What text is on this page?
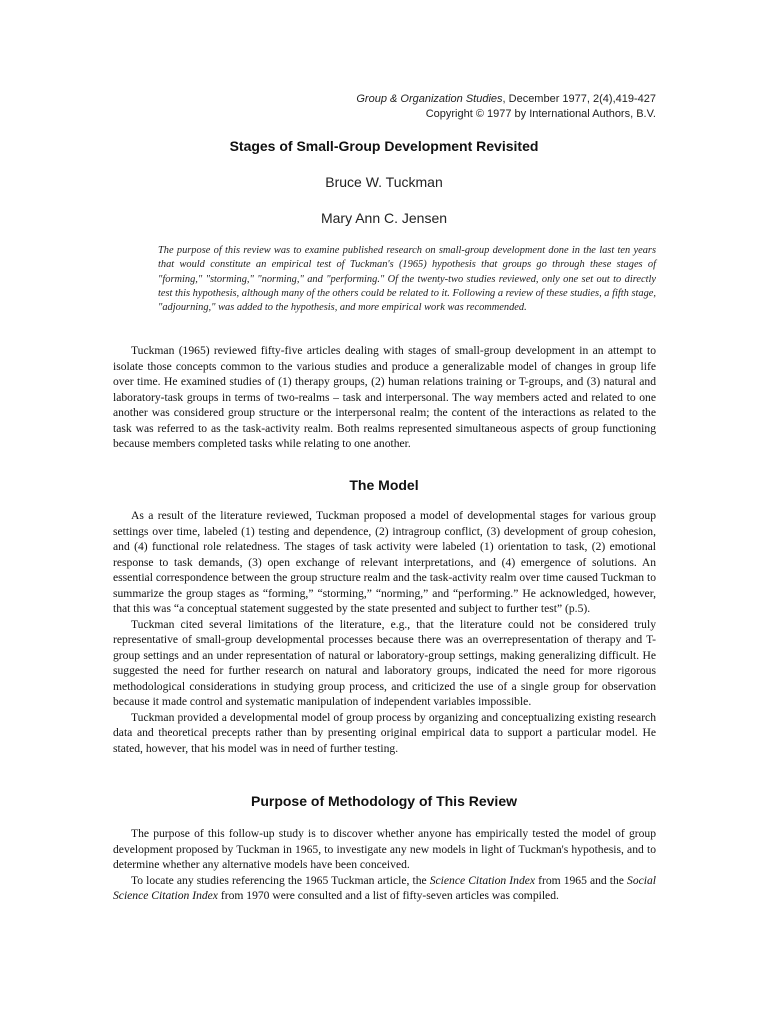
Group & Organization Studies, December 1977, 2(4),419-427
Copyright © 1977 by International Authors, B.V.
Stages of Small-Group Development Revisited
Bruce W. Tuckman
Mary Ann C. Jensen
The purpose of this review was to examine published research on small-group development done in the last ten years that would constitute an empirical test of Tuckman's (1965) hypothesis that groups go through these stages of "forming," "storming," "norming," and "performing." Of the twenty-two studies reviewed, only one set out to directly test this hypothesis, although many of the others could be related to it. Following a review of these studies, a fifth stage, "adjourning," was added to the hypothesis, and more empirical work was recommended.

Tuckman (1965) reviewed fifty-five articles dealing with stages of small-group development in an attempt to isolate those concepts common to the various studies and produce a generalizable model of changes in group life over time. He examined studies of (1) therapy groups, (2) human relations training or T-groups, and (3) natural and laboratory-task groups in terms of two-realms – task and interpersonal. The way members acted and related to one another was considered group structure or the interpersonal realm; the content of the interactions as related to the task was referred to as the task-activity realm. Both realms represented simultaneous aspects of group functioning because members completed tasks while relating to one another.

The Model

As a result of the literature reviewed, Tuckman proposed a model of developmental stages for various group settings over time, labeled (1) testing and dependence, (2) intragroup conflict, (3) development of group cohesion, and (4) functional role relatedness. The stages of task activity were labeled (1) orientation to task, (2) emotional response to task demands, (3) open exchange of relevant interpretations, and (4) emergence of solutions. An essential correspondence between the group structure realm and the task-activity realm over time caused Tuckman to summarize the group stages as “forming,” “storming,” “norming,” and “performing.” He acknowledged, however, that this was “a conceptual statement suggested by the state presented and subject to further test” (p.5).

Tuckman cited several limitations of the literature, e.g., that the literature could not be considered truly representative of small-group developmental processes because there was an overrepresentation of therapy and T-group settings and an under representation of natural or laboratory-group settings, making generalizing difficult. He suggested the need for further research on natural and laboratory groups, indicated the need for more rigorous methodological considerations in studying group process, and criticized the use of a single group for observation because it made control and systematic manipulation of independent variables impossible.

Tuckman provided a developmental model of group process by organizing and conceptualizing existing research data and theoretical precepts rather than by presenting original empirical data to support a particular model. He stated, however, that his model was in need of further testing.

Purpose of Methodology of This Review

The purpose of this follow-up study is to discover whether anyone has empirically tested the model of group development proposed by Tuckman in 1965, to investigate any new models in light of Tuckman's hypothesis, and to determine whether any alternative models have been conceived.

To locate any studies referencing the 1965 Tuckman article, the Science Citation Index from 1965 and the Social Science Citation Index from 1970 were consulted and a list of fifty-seven articles was compiled.
